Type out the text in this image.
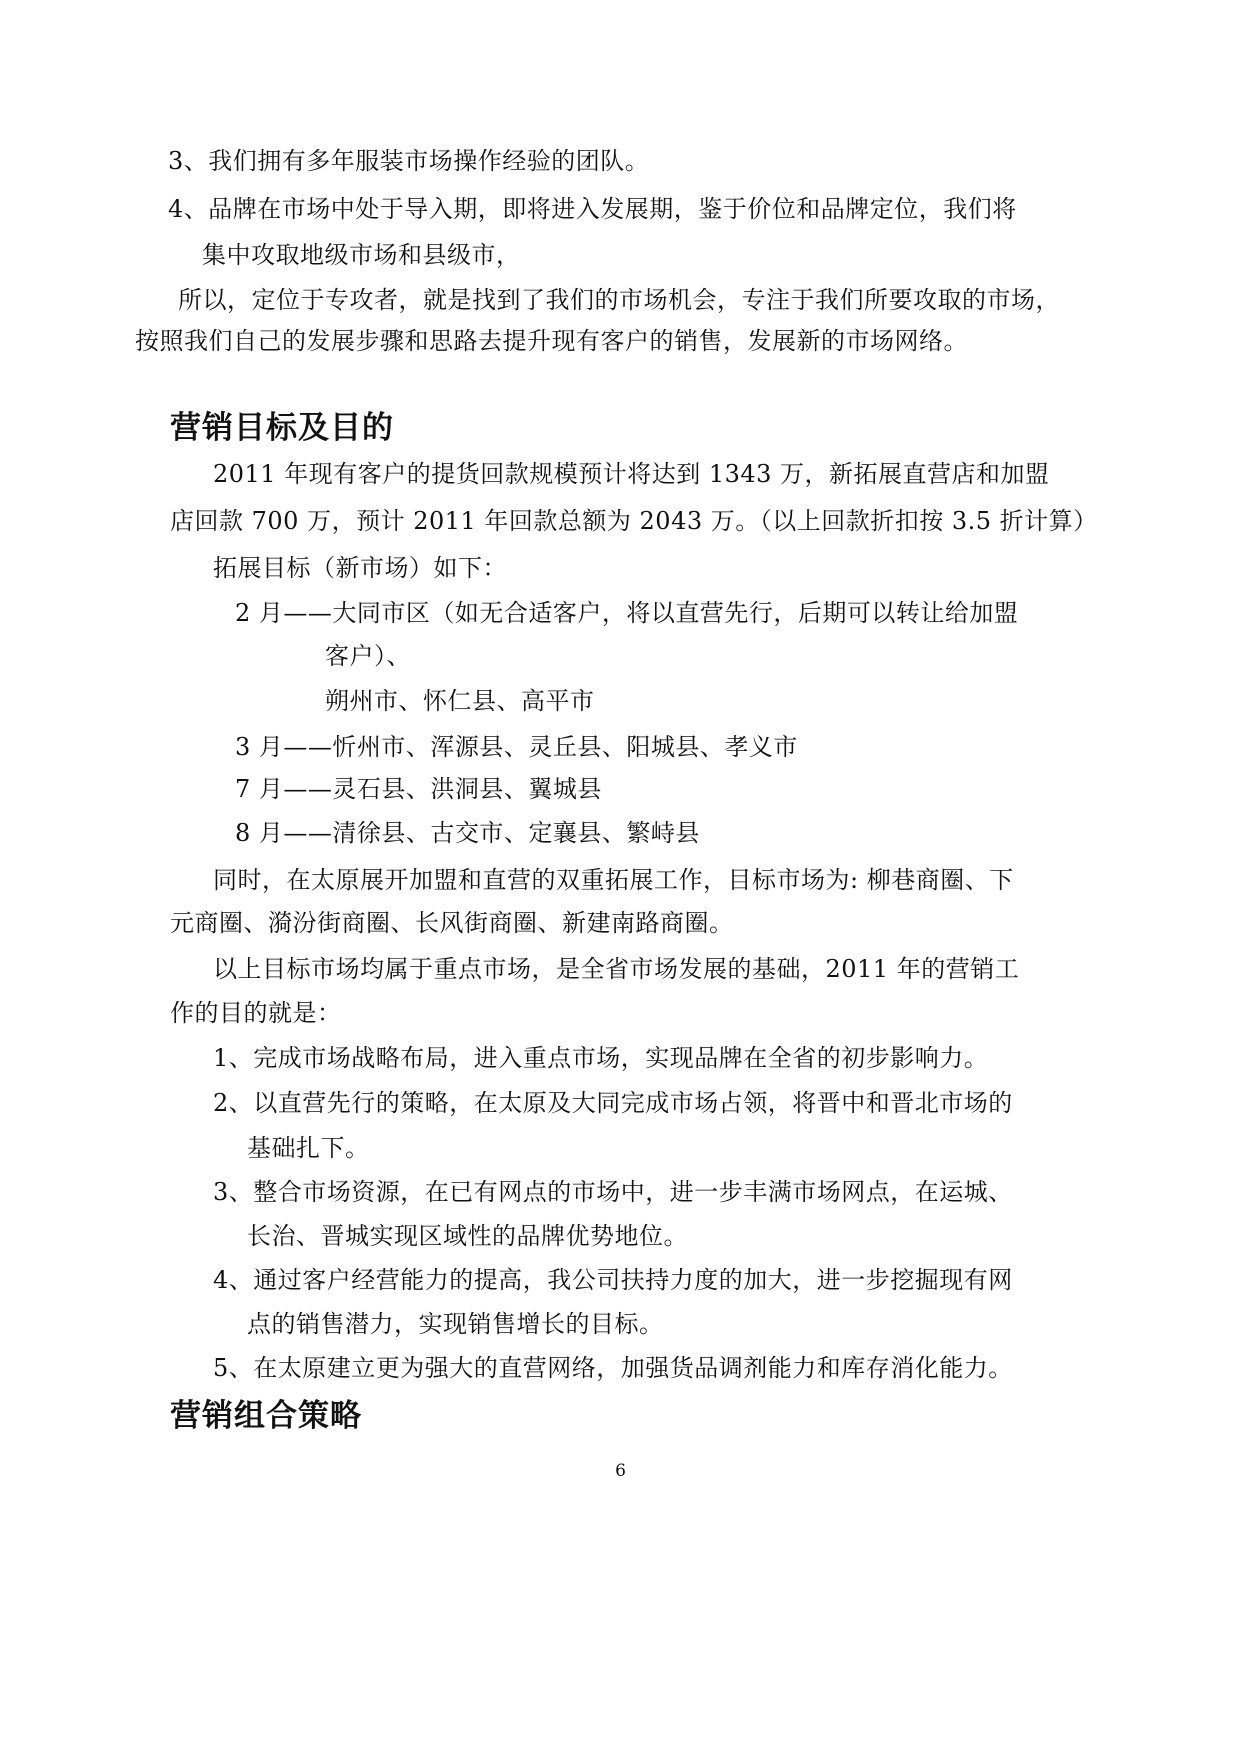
3、我们拥有多年服装市场操作经验的团队。
4、品牌在市场中处于导入期，即将进入发展期，鉴于价位和品牌定位，我们将
集中攻取地级市场和县级市，
所以，定位于专攻者，就是找到了我们的市场机会，专注于我们所要攻取的市场，
按照我们自己的发展步骤和思路去提升现有客户的销售，发展新的市场网络。
营销目标及目的
2011 年现有客户的提货回款规模预计将达到 1343 万，新拓展直营店和加盟
店回款 700 万，预计 2011 年回款总额为 2043 万。（以上回款折扣按 3.5 折计算）
拓展目标（新市场）如下：
2 月——大同市区（如无合适客户，将以直营先行，后期可以转让给加盟
客户）、
朔州市、怀仁县、高平市
3 月——忻州市、浑源县、灵丘县、阳城县、孝义市
7 月——灵石县、洪洞县、翼城县
8 月——清徐县、古交市、定襄县、繁峙县
同时，在太原展开加盟和直营的双重拓展工作，目标市场为: 柳巷商圈、下
元商圈、漪汾街商圈、长风街商圈、新建南路商圈。
以上目标市场均属于重点市场，是全省市场发展的基础，2011 年的营销工
作的目的就是：
1、完成市场战略布局，进入重点市场，实现品牌在全省的初步影响力。
2、以直营先行的策略，在太原及大同完成市场占领，将晋中和晋北市场的
基础扎下。
3、整合市场资源，在已有网点的市场中，进一步丰满市场网点，在运城、
长治、晋城实现区域性的品牌优势地位。
4、通过客户经营能力的提高，我公司扶持力度的加大，进一步挖掘现有网
点的销售潜力，实现销售增长的目标。
5、在太原建立更为强大的直营网络，加强货品调剂能力和库存消化能力。
营销组合策略
6
